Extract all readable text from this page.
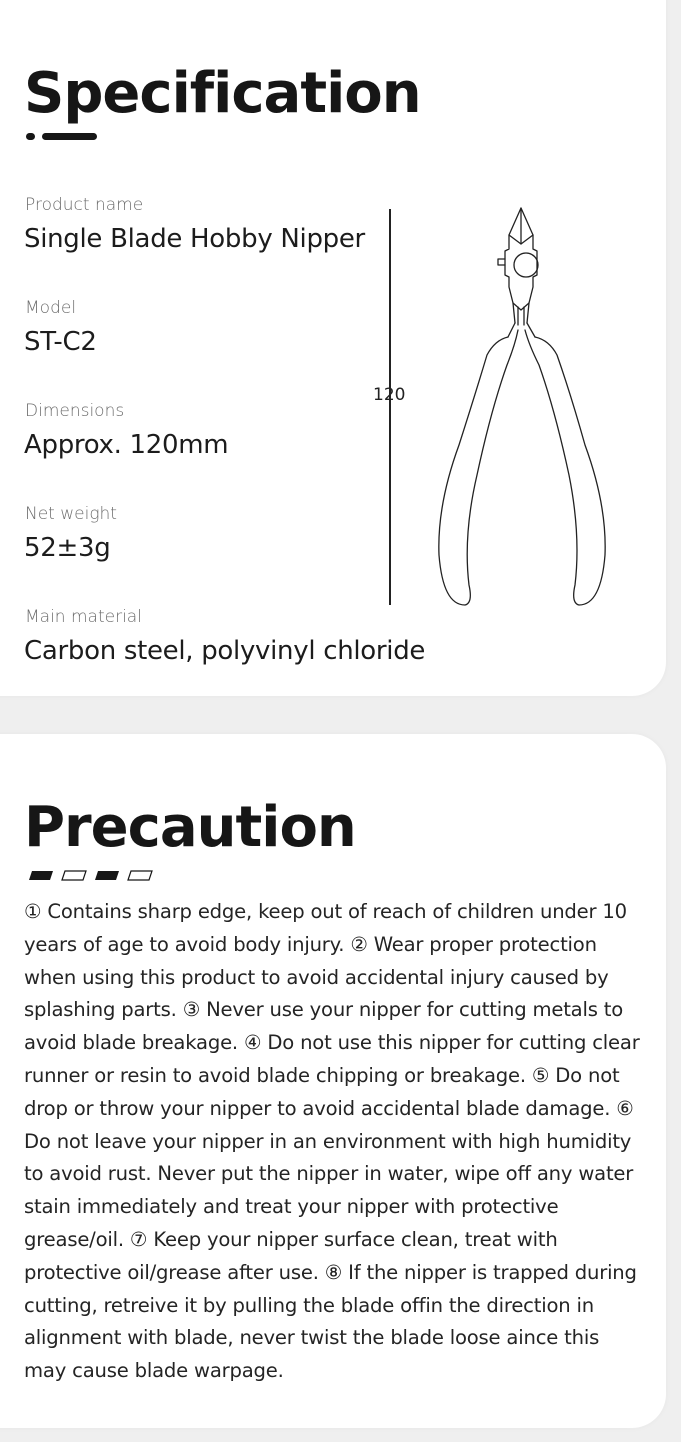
Specification

Product name

Single Blade Hobby Nipper

Model

ST-C2

Dimensions

Approx. 120mm

Net weight

52±3g

Main material

Carbon steel, polyvinyl chloride

120
Precaution

① Contains sharp edge, keep out of reach of children under 10 years of age to avoid body injury. ② Wear proper protection when using this product to avoid accidental injury caused by splashing parts. ③ Never use your nipper for cutting metals to avoid blade breakage. ④ Do not use this nipper for cutting clear runner or resin to avoid blade chipping or breakage. ⑤ Do not drop or throw your nipper to avoid accidental blade damage. ⑥ Do not leave your nipper in an environment with high humidity to avoid rust. Never put the nipper in water, wipe off any water stain immediately and treat your nipper with protective grease/oil. ⑦ Keep your nipper surface clean, treat with protective oil/grease after use. ⑧ If the nipper is trapped during cutting, retreive it by pulling the blade offin the direction in alignment with blade, never twist the blade loose aince this may cause blade warpage.
